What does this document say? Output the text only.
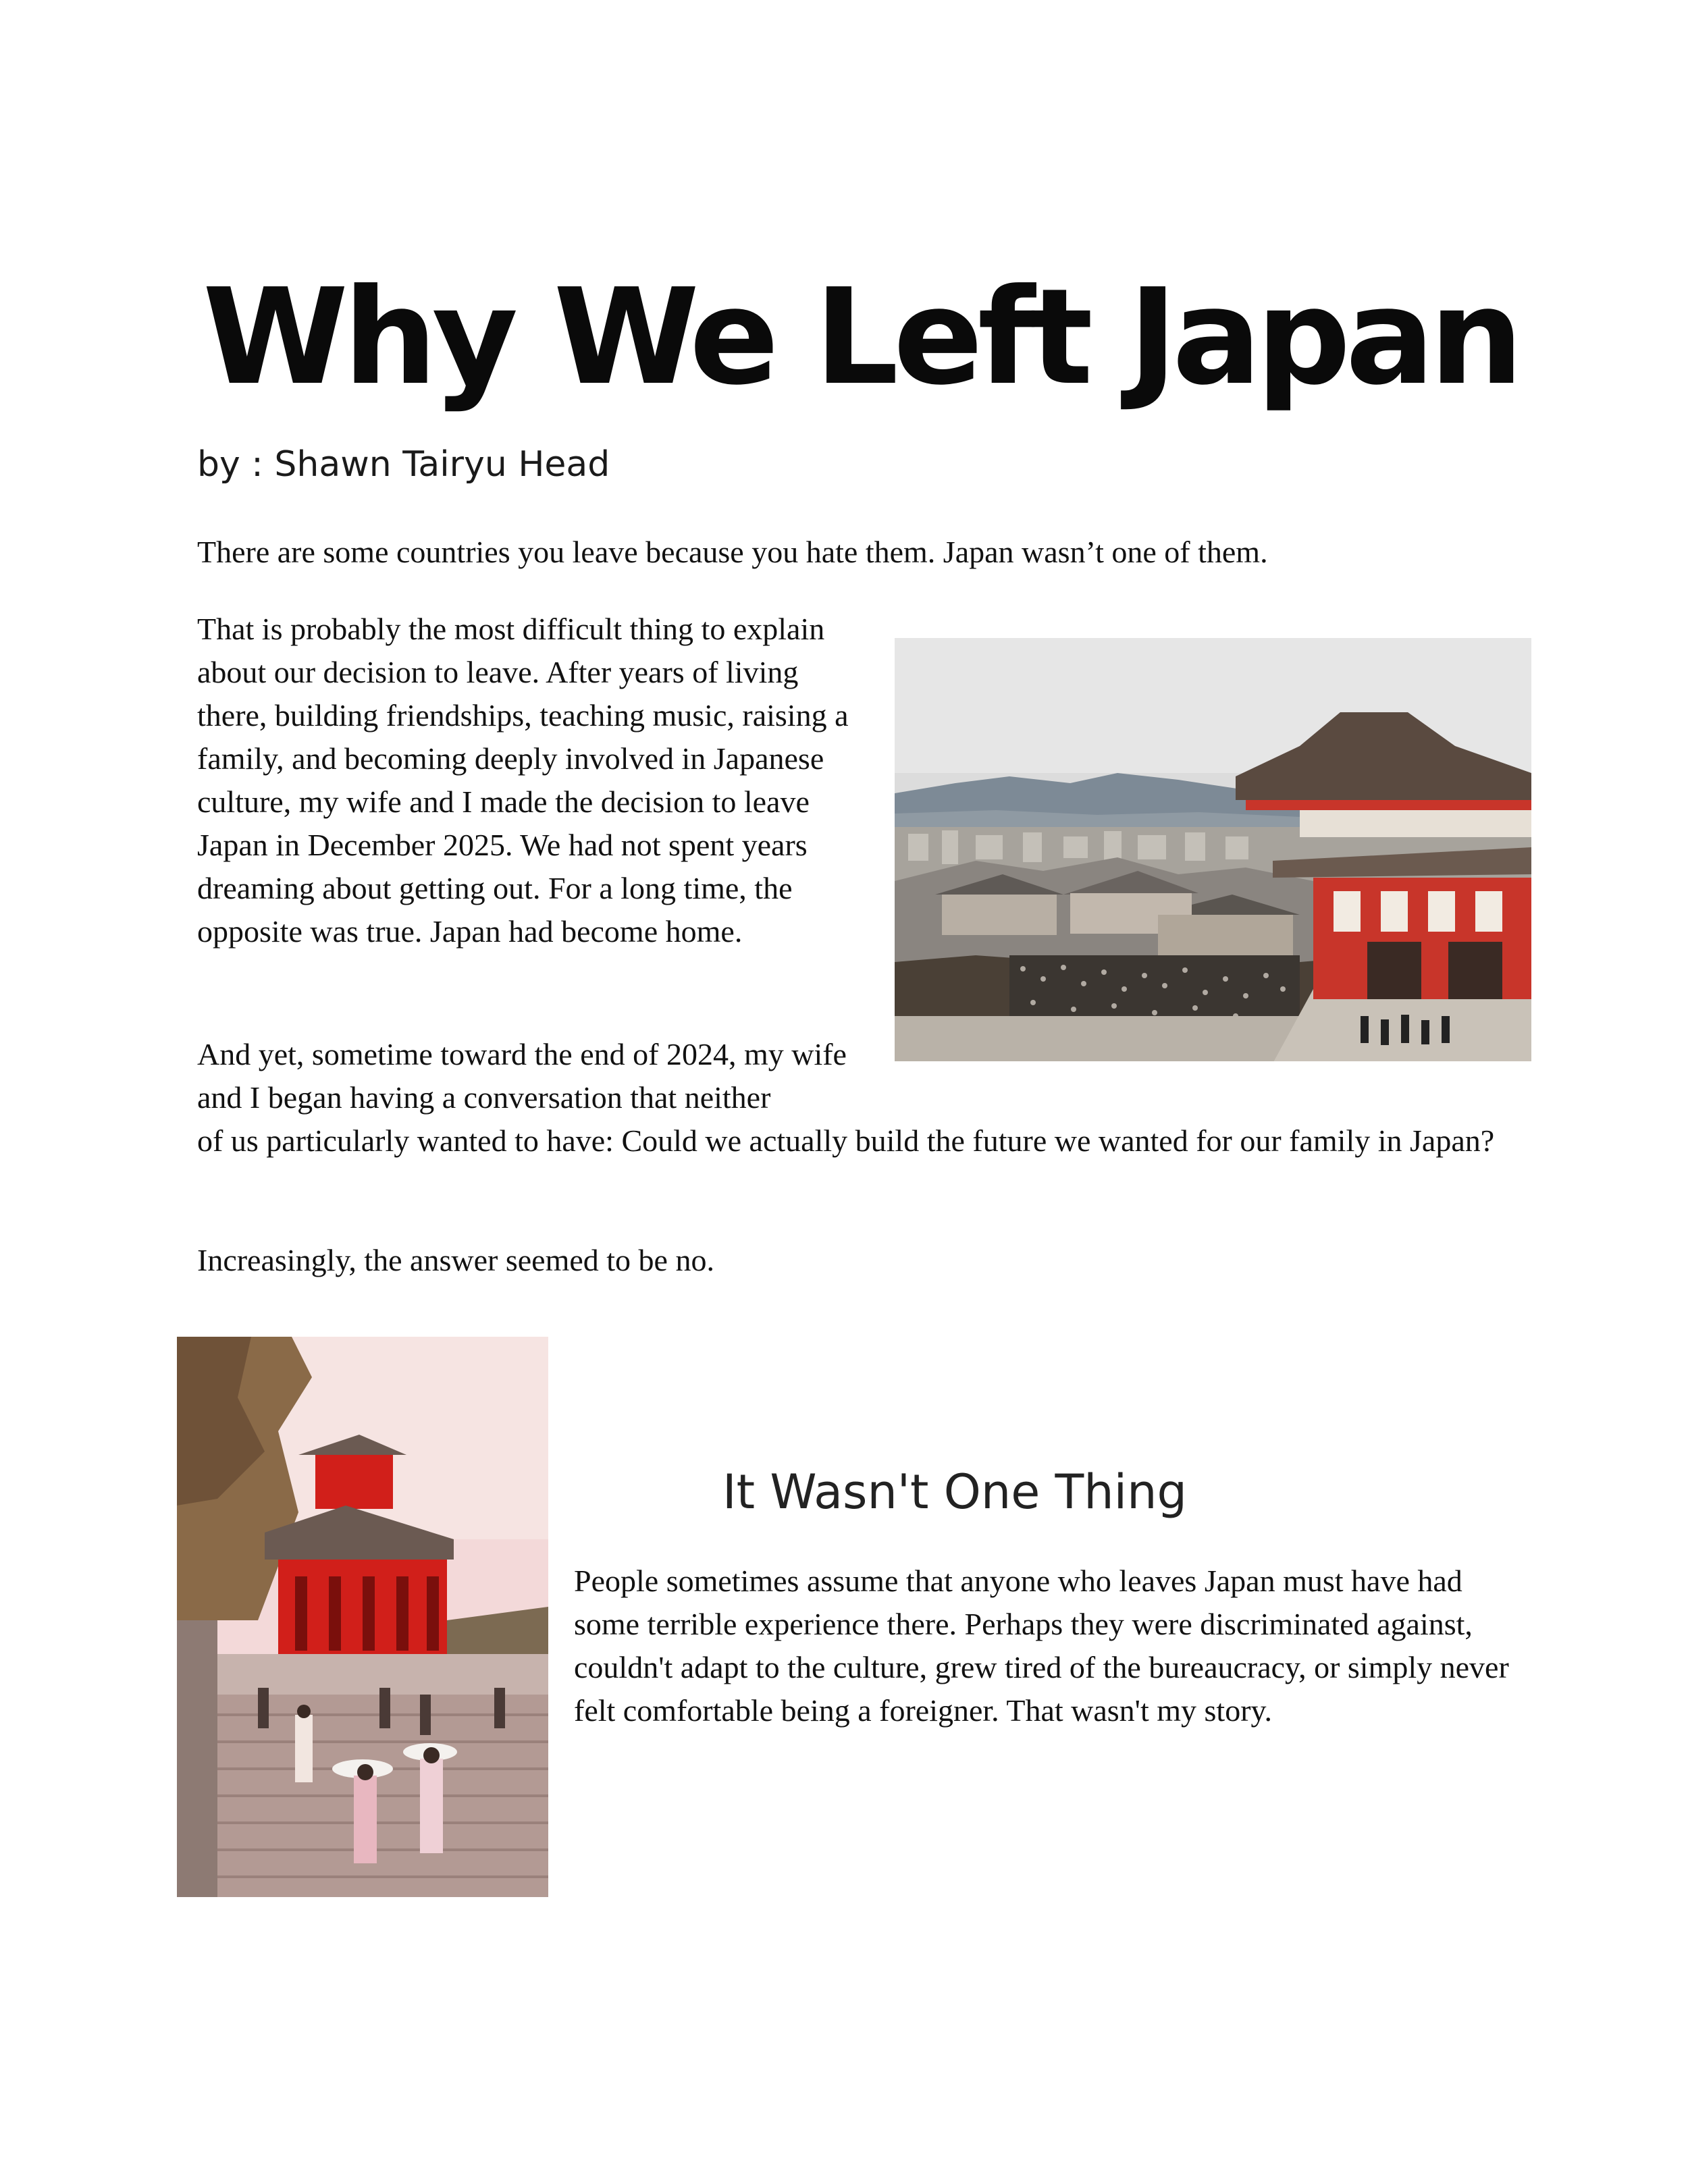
Why We Left Japan

by : Shawn Tairyu Head

There are some countries you leave because you hate them. Japan wasn’t one of them.

That is probably the most difficult thing to explain about our decision to leave. After years of living there, building friendships, teaching music, raising a family, and becoming deeply involved in Japanese culture, my wife and I made the decision to leave Japan in December 2025. We had not spent years dreaming about getting out. For a long time, the opposite was true. Japan had become home.

And yet, sometime toward the end of 2024, my wife and I began having a conversation that neither
of us particularly wanted to have: Could we actually build the future we wanted for our family in Japan?

Increasingly, the answer seemed to be no.

It Wasn't One Thing

People sometimes assume that anyone who leaves Japan must have had some terrible experience there. Perhaps they were discriminated against, couldn't adapt to the culture, grew tired of the bureaucracy, or simply never felt comfortable being a foreigner. That wasn't my story.
